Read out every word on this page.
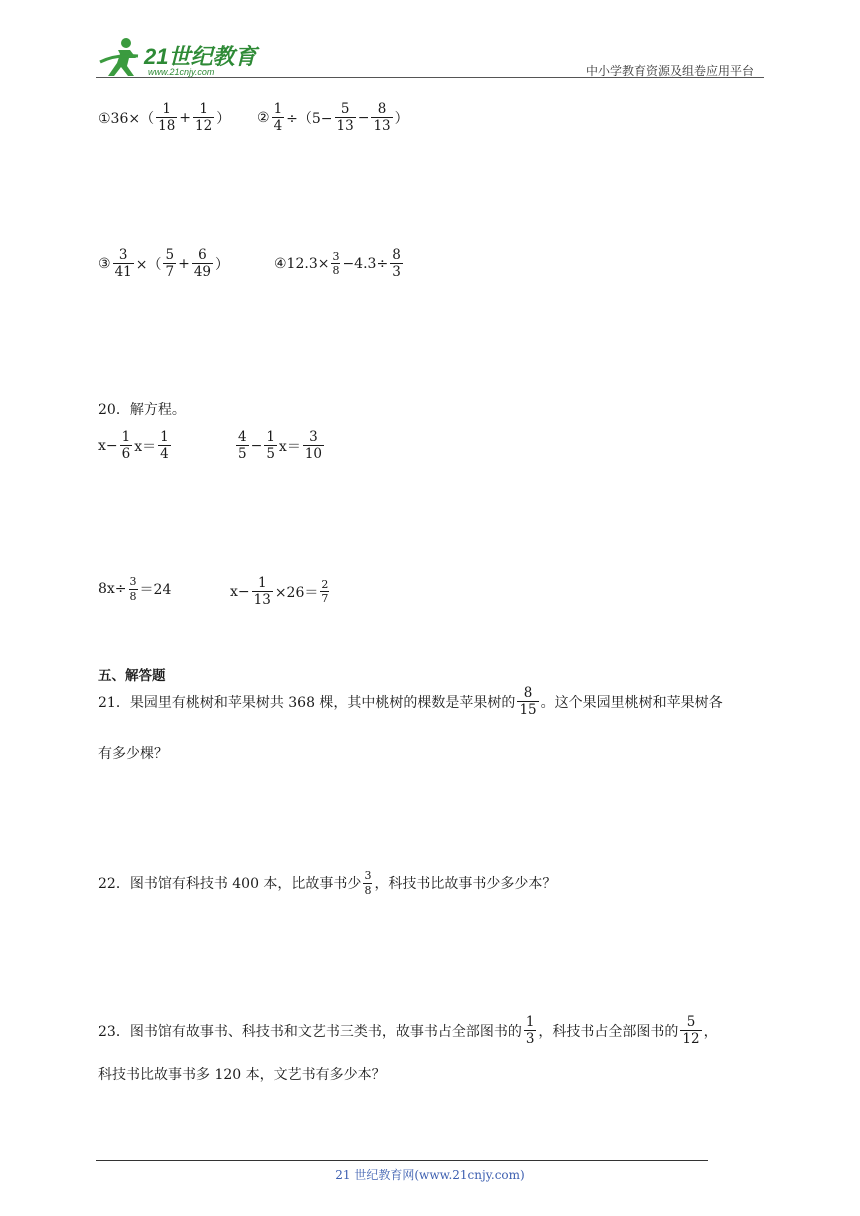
21世纪教育
www.21cnjy.com	中小学教育资源及组卷应用平台
①36×（ $\frac{1}{18} + \frac{1}{12}$ ） ② $\frac{1}{4} \div(5- \frac{5}{13} - \frac{8}{13}$ ）
③ $\frac{3}{41}$ ×（ $\frac{5}{7} + \frac{6}{49}$ ）	④12.3× $\frac{3}{8} -4.3\div \frac{8}{3}$
20．解方程。
$x- \frac{1}{6} x= \frac{1}{4}$	$\frac{4}{5} - \frac{1}{5} x= \frac{3}{10}$
$8x\div \frac{3}{8} =24$	$x- \frac{1}{13} \times 26= \frac{2}{7}$
五、解答题
21．果园里有桃树和苹果树共 368 棵，其中桃树的棵数是苹果树的 $\frac{8}{15}$ 。这个果园里桃树和苹果树各
有多少棵？
22．图书馆有科技书 400 本，比故事书少 $\frac{3}{8}$ ，科技书比故事书少多少本？
23．图书馆有故事书、科技书和文艺书三类书，故事书占全部图书的 $\frac{1}{3}$ ，科技书占全部图书的 $\frac{5}{12}$ ，
科技书比故事书多 120 本，文艺书有多少本？
21 世纪教育网(www.21cnjy.com)
